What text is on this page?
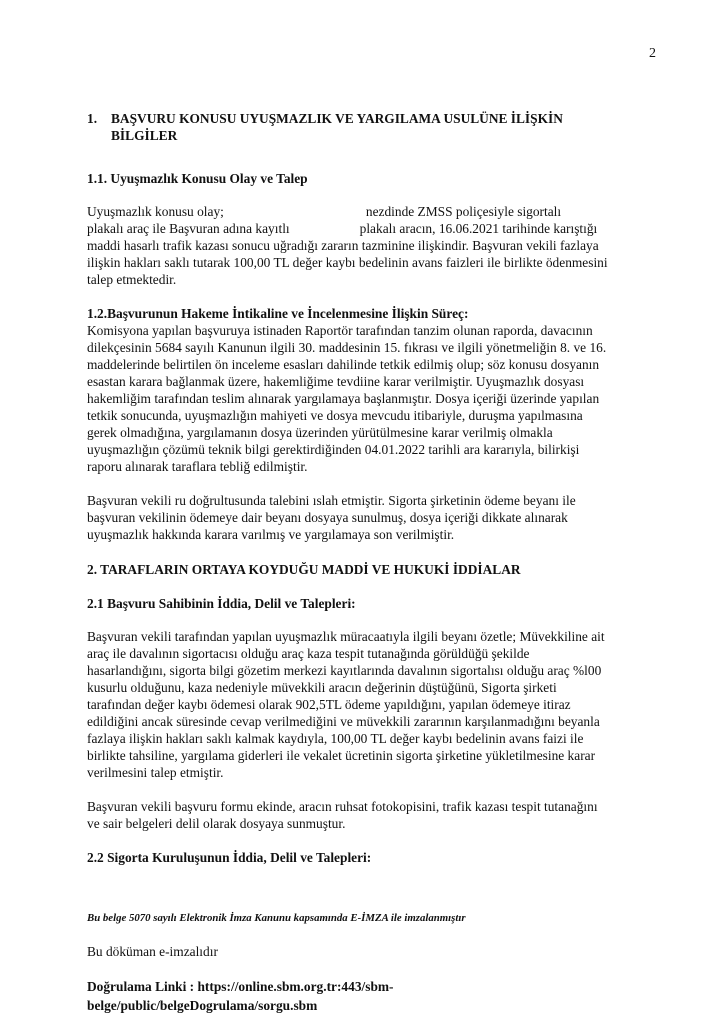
2
1.	BAŞVURU KONUSU UYUŞMAZLIK VE YARGILAMA USULÜNE İLİŞKİN
BİLGİLER
1.1. Uyuşmazlık Konusu Olay ve Talep
Uyuşmazlık konusu olay;	nezdinde ZMSS poliçesiyle sigortalı
plakalı araç ile Başvuran adına kayıtlı	plakalı aracın, 16.06.2021 tarihinde karıştığı
maddi hasarlı trafik kazası sonucu uğradığı zararın tazminine ilişkindir. Başvuran vekili fazlaya
ilişkin hakları saklı tutarak 100,00 TL değer kaybı bedelinin avans faizleri ile birlikte ödenmesini
talep etmektedir.
1.2.Başvurunun Hakeme İntikaline ve İncelenmesine İlişkin Süreç:
Komisyona yapılan başvuruya istinaden Raportör tarafından tanzim olunan raporda, davacının
dilekçesinin 5684 sayılı Kanunun ilgili 30. maddesinin 15. fıkrası ve ilgili yönetmeliğin 8. ve 16.
maddelerinde belirtilen ön inceleme esasları dahilinde tetkik edilmiş olup; söz konusu dosyanın
esastan karara bağlanmak üzere, hakemliğime tevdiine karar verilmiştir. Uyuşmazlık dosyası
hakemliğim tarafından teslim alınarak yargılamaya başlanmıştır. Dosya içeriği üzerinde yapılan
tetkik sonucunda, uyuşmazlığın mahiyeti ve dosya mevcudu itibariyle, duruşma yapılmasına
gerek olmadığına, yargılamanın dosya üzerinden yürütülmesine karar verilmiş olmakla
uyuşmazlığın çözümü teknik bilgi gerektirdiğinden 04.01.2022 tarihli ara kararıyla, bilirkişi
raporu alınarak taraflara tebliğ edilmiştir.
Başvuran vekili ru doğrultusunda talebini ıslah etmiştir. Sigorta şirketinin ödeme beyanı ile
başvuran vekilinin ödemeye dair beyanı dosyaya sunulmuş, dosya içeriği dikkate alınarak
uyuşmazlık hakkında karara varılmış ve yargılamaya son verilmiştir.
2. TARAFLARIN ORTAYA KOYDUĞU MADDİ VE HUKUKİ İDDİALAR
2.1 Başvuru Sahibinin İddia, Delil ve Talepleri:
Başvuran vekili tarafından yapılan uyuşmazlık müracaatıyla ilgili beyanı özetle; Müvekkiline ait
araç ile davalının sigortacısı olduğu araç kaza tespit tutanağında görüldüğü şekilde
hasarlandığını, sigorta bilgi gözetim merkezi kayıtlarında davalının sigortalısı olduğu araç %l00
kusurlu olduğunu, kaza nedeniyle müvekkili aracın değerinin düştüğünü, Sigorta şirketi
tarafından değer kaybı ödemesi olarak 902,5TL ödeme yapıldığını, yapılan ödemeye itiraz
edildiğini ancak süresinde cevap verilmediğini ve müvekkili zararının karşılanmadığını beyanla
fazlaya ilişkin hakları saklı kalmak kaydıyla, 100,00 TL değer kaybı bedelinin avans faizi ile
birlikte tahsiline, yargılama giderleri ile vekalet ücretinin sigorta şirketine yükletilmesine karar
verilmesini talep etmiştir.
Başvuran vekili başvuru formu ekinde, aracın ruhsat fotokopisini, trafik kazası tespit tutanağını
ve sair belgeleri delil olarak dosyaya sunmuştur.
2.2 Sigorta Kuruluşunun İddia, Delil ve Talepleri:
Bu belge 5070 sayılı Elektronik İmza Kanunu kapsamında E-İMZA ile imzalanmıştır
Bu döküman e-imzalıdır
Doğrulama Linki : https://online.sbm.org.tr:443/sbm-
belge/public/belgeDogrulama/sorgu.sbm
